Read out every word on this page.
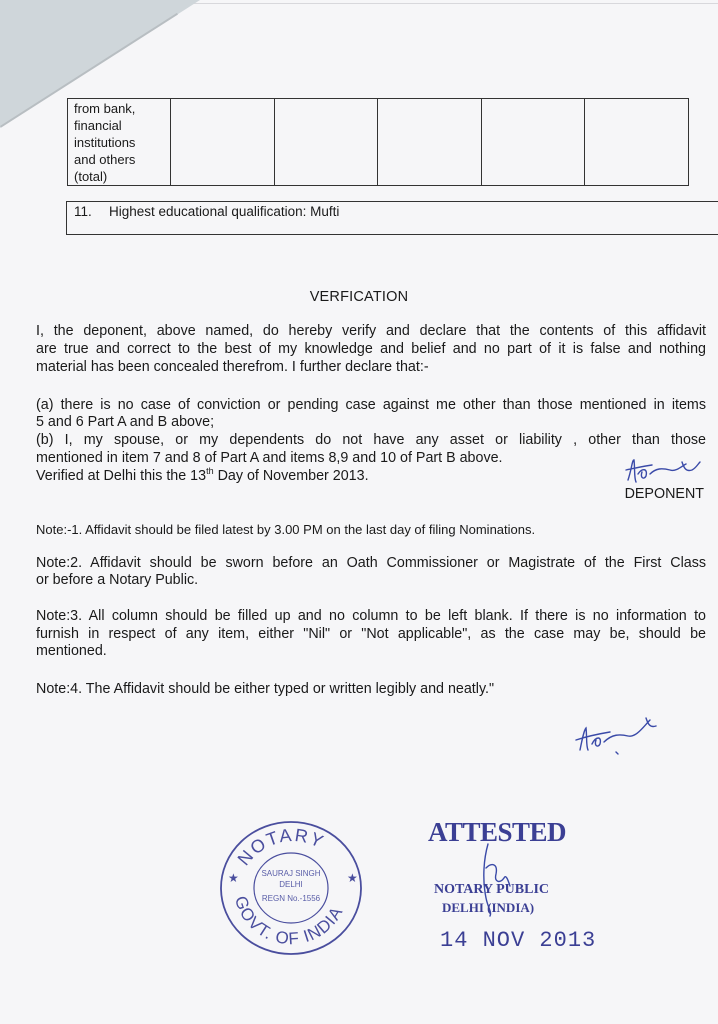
from bank,
financial
institutions
and others
(total)

11. Highest educational qualification: Mufti
VERFICATION
I, the deponent, above named, do hereby verify and declare that the contents of this affidavit
are true and correct to the best of my knowledge and belief and no part of it is false and nothing
material has been concealed therefrom. I further declare that:-
(a) there is no case of conviction or pending case against me other than those mentioned in items
5 and 6 Part A and B above;
(b) I, my spouse, or my dependents do not have any asset or liability , other than those
mentioned in item 7 and 8 of Part A and items 8,9 and 10 of Part B above.
Verified at Delhi this the 13th Day of November 2013.
DEPONENT
Note:-1. Affidavit should be filed latest by 3.00 PM on the last day of filing Nominations.
Note:2. Affidavit should be sworn before an Oath Commissioner or Magistrate of the First Class
or before a Notary Public.
Note:3. All column should be filled up and no column to be left blank. If there is no information to
furnish in respect of any item, either "Nil" or "Not applicable", as the case may be, should be
mentioned.
Note:4. The Affidavit should be either typed or written legibly and neatly."
NOTARY
GOVT. OF INDIA
★
★	SAURAJ SINGH
DELHI
REGN No.-1556
ATTESTED
NOTARY PUBLIC
DELHI (INDIA)
14 NOV 2013
